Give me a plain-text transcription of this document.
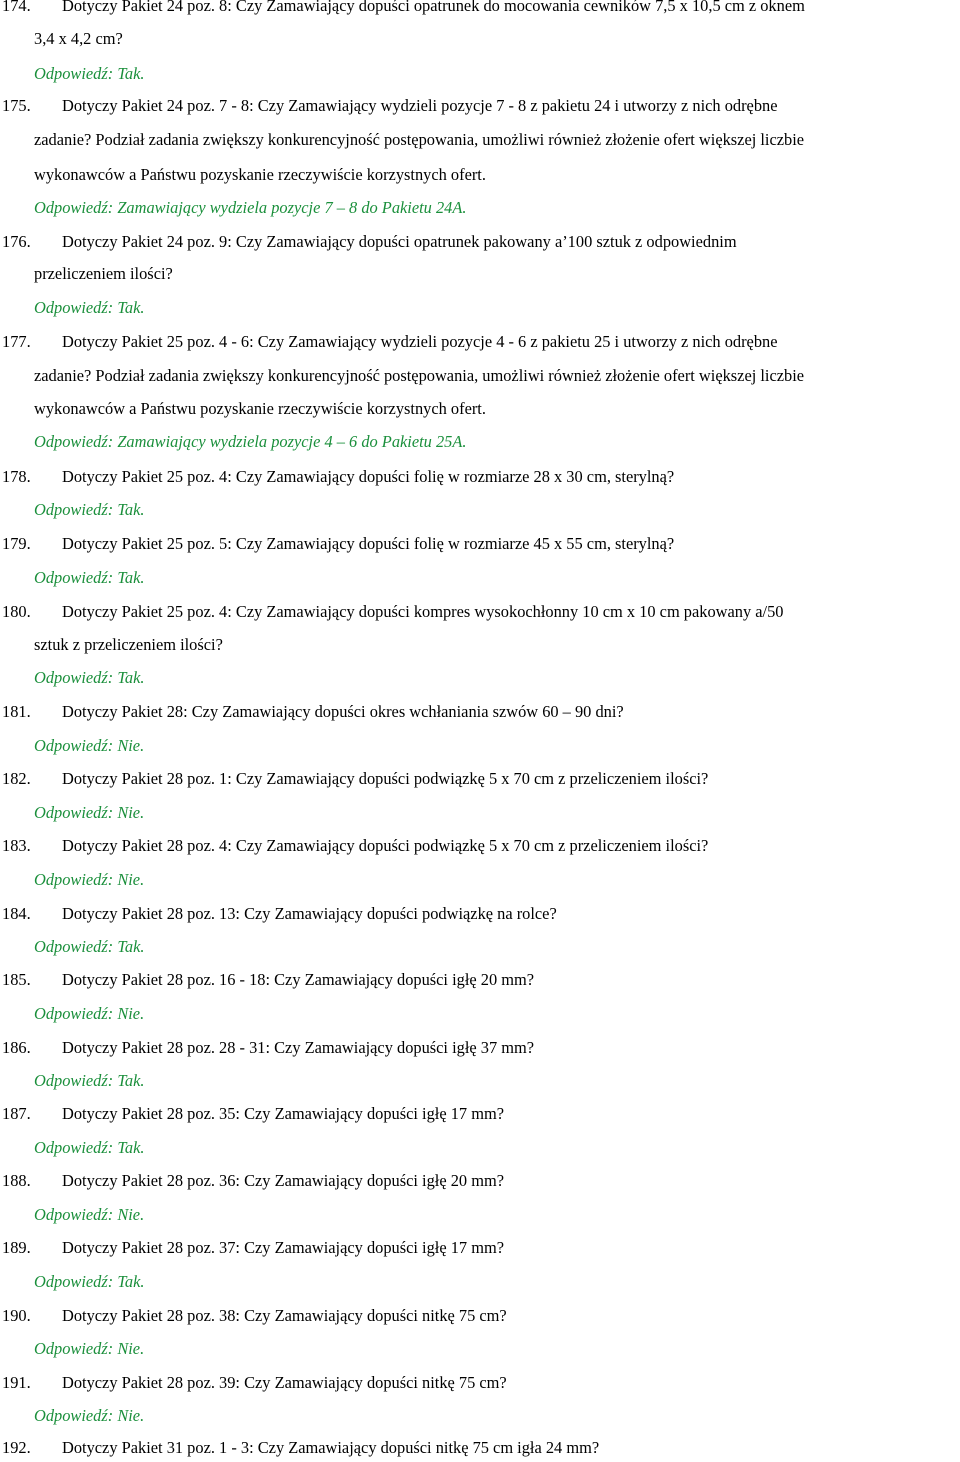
174. Dotyczy Pakiet 24 poz. 8: Czy Zamawiający dopuści opatrunek do mocowania cewników 7,5 x 10,5 cm z oknem
3,4 x 4,2 cm?
Odpowiedź: Tak.
175. Dotyczy Pakiet 24 poz. 7 - 8: Czy Zamawiający wydzieli pozycje 7 - 8 z pakietu 24 i utworzy z nich odrębne
zadanie? Podział zadania zwiększy konkurencyjność postępowania, umożliwi również złożenie ofert większej liczbie
wykonawców a Państwu pozyskanie rzeczywiście korzystnych ofert.
Odpowiedź: Zamawiający wydziela pozycje 7 – 8 do Pakietu 24A.
176. Dotyczy Pakiet 24 poz. 9: Czy Zamawiający dopuści opatrunek pakowany a’100 sztuk z odpowiednim
przeliczeniem ilości?
Odpowiedź: Tak.
177. Dotyczy Pakiet 25 poz. 4 - 6: Czy Zamawiający wydzieli pozycje 4 - 6 z pakietu 25 i utworzy z nich odrębne
zadanie? Podział zadania zwiększy konkurencyjność postępowania, umożliwi również złożenie ofert większej liczbie
wykonawców a Państwu pozyskanie rzeczywiście korzystnych ofert.
Odpowiedź: Zamawiający wydziela pozycje 4 – 6 do Pakietu 25A.
178. Dotyczy Pakiet 25 poz. 4: Czy Zamawiający dopuści folię w rozmiarze 28 x 30 cm, sterylną?
Odpowiedź: Tak.
179. Dotyczy Pakiet 25 poz. 5: Czy Zamawiający dopuści folię w rozmiarze 45 x 55 cm, sterylną?
Odpowiedź: Tak.
180. Dotyczy Pakiet 25 poz. 4: Czy Zamawiający dopuści kompres wysokochłonny 10 cm x 10 cm pakowany a/50
sztuk z przeliczeniem ilości?
Odpowiedź: Tak.
181. Dotyczy Pakiet 28: Czy Zamawiający dopuści okres wchłaniania szwów 60 – 90 dni?
Odpowiedź: Nie.
182. Dotyczy Pakiet 28 poz. 1: Czy Zamawiający dopuści podwiązkę 5 x 70 cm z przeliczeniem ilości?
Odpowiedź: Nie.
183. Dotyczy Pakiet 28 poz. 4: Czy Zamawiający dopuści podwiązkę 5 x 70 cm z przeliczeniem ilości?
Odpowiedź: Nie.
184. Dotyczy Pakiet 28 poz. 13: Czy Zamawiający dopuści podwiązkę na rolce?
Odpowiedź: Tak.
185. Dotyczy Pakiet 28 poz. 16 - 18: Czy Zamawiający dopuści igłę 20 mm?
Odpowiedź: Nie.
186. Dotyczy Pakiet 28 poz. 28 - 31: Czy Zamawiający dopuści igłę 37 mm?
Odpowiedź: Tak.
187. Dotyczy Pakiet 28 poz. 35: Czy Zamawiający dopuści igłę 17 mm?
Odpowiedź: Tak.
188. Dotyczy Pakiet 28 poz. 36: Czy Zamawiający dopuści igłę 20 mm?
Odpowiedź: Nie.
189. Dotyczy Pakiet 28 poz. 37: Czy Zamawiający dopuści igłę 17 mm?
Odpowiedź: Tak.
190. Dotyczy Pakiet 28 poz. 38: Czy Zamawiający dopuści nitkę 75 cm?
Odpowiedź: Nie.
191. Dotyczy Pakiet 28 poz. 39: Czy Zamawiający dopuści nitkę 75 cm?
Odpowiedź: Nie.
192. Dotyczy Pakiet 31 poz. 1 - 3: Czy Zamawiający dopuści nitkę 75 cm igła 24 mm?
